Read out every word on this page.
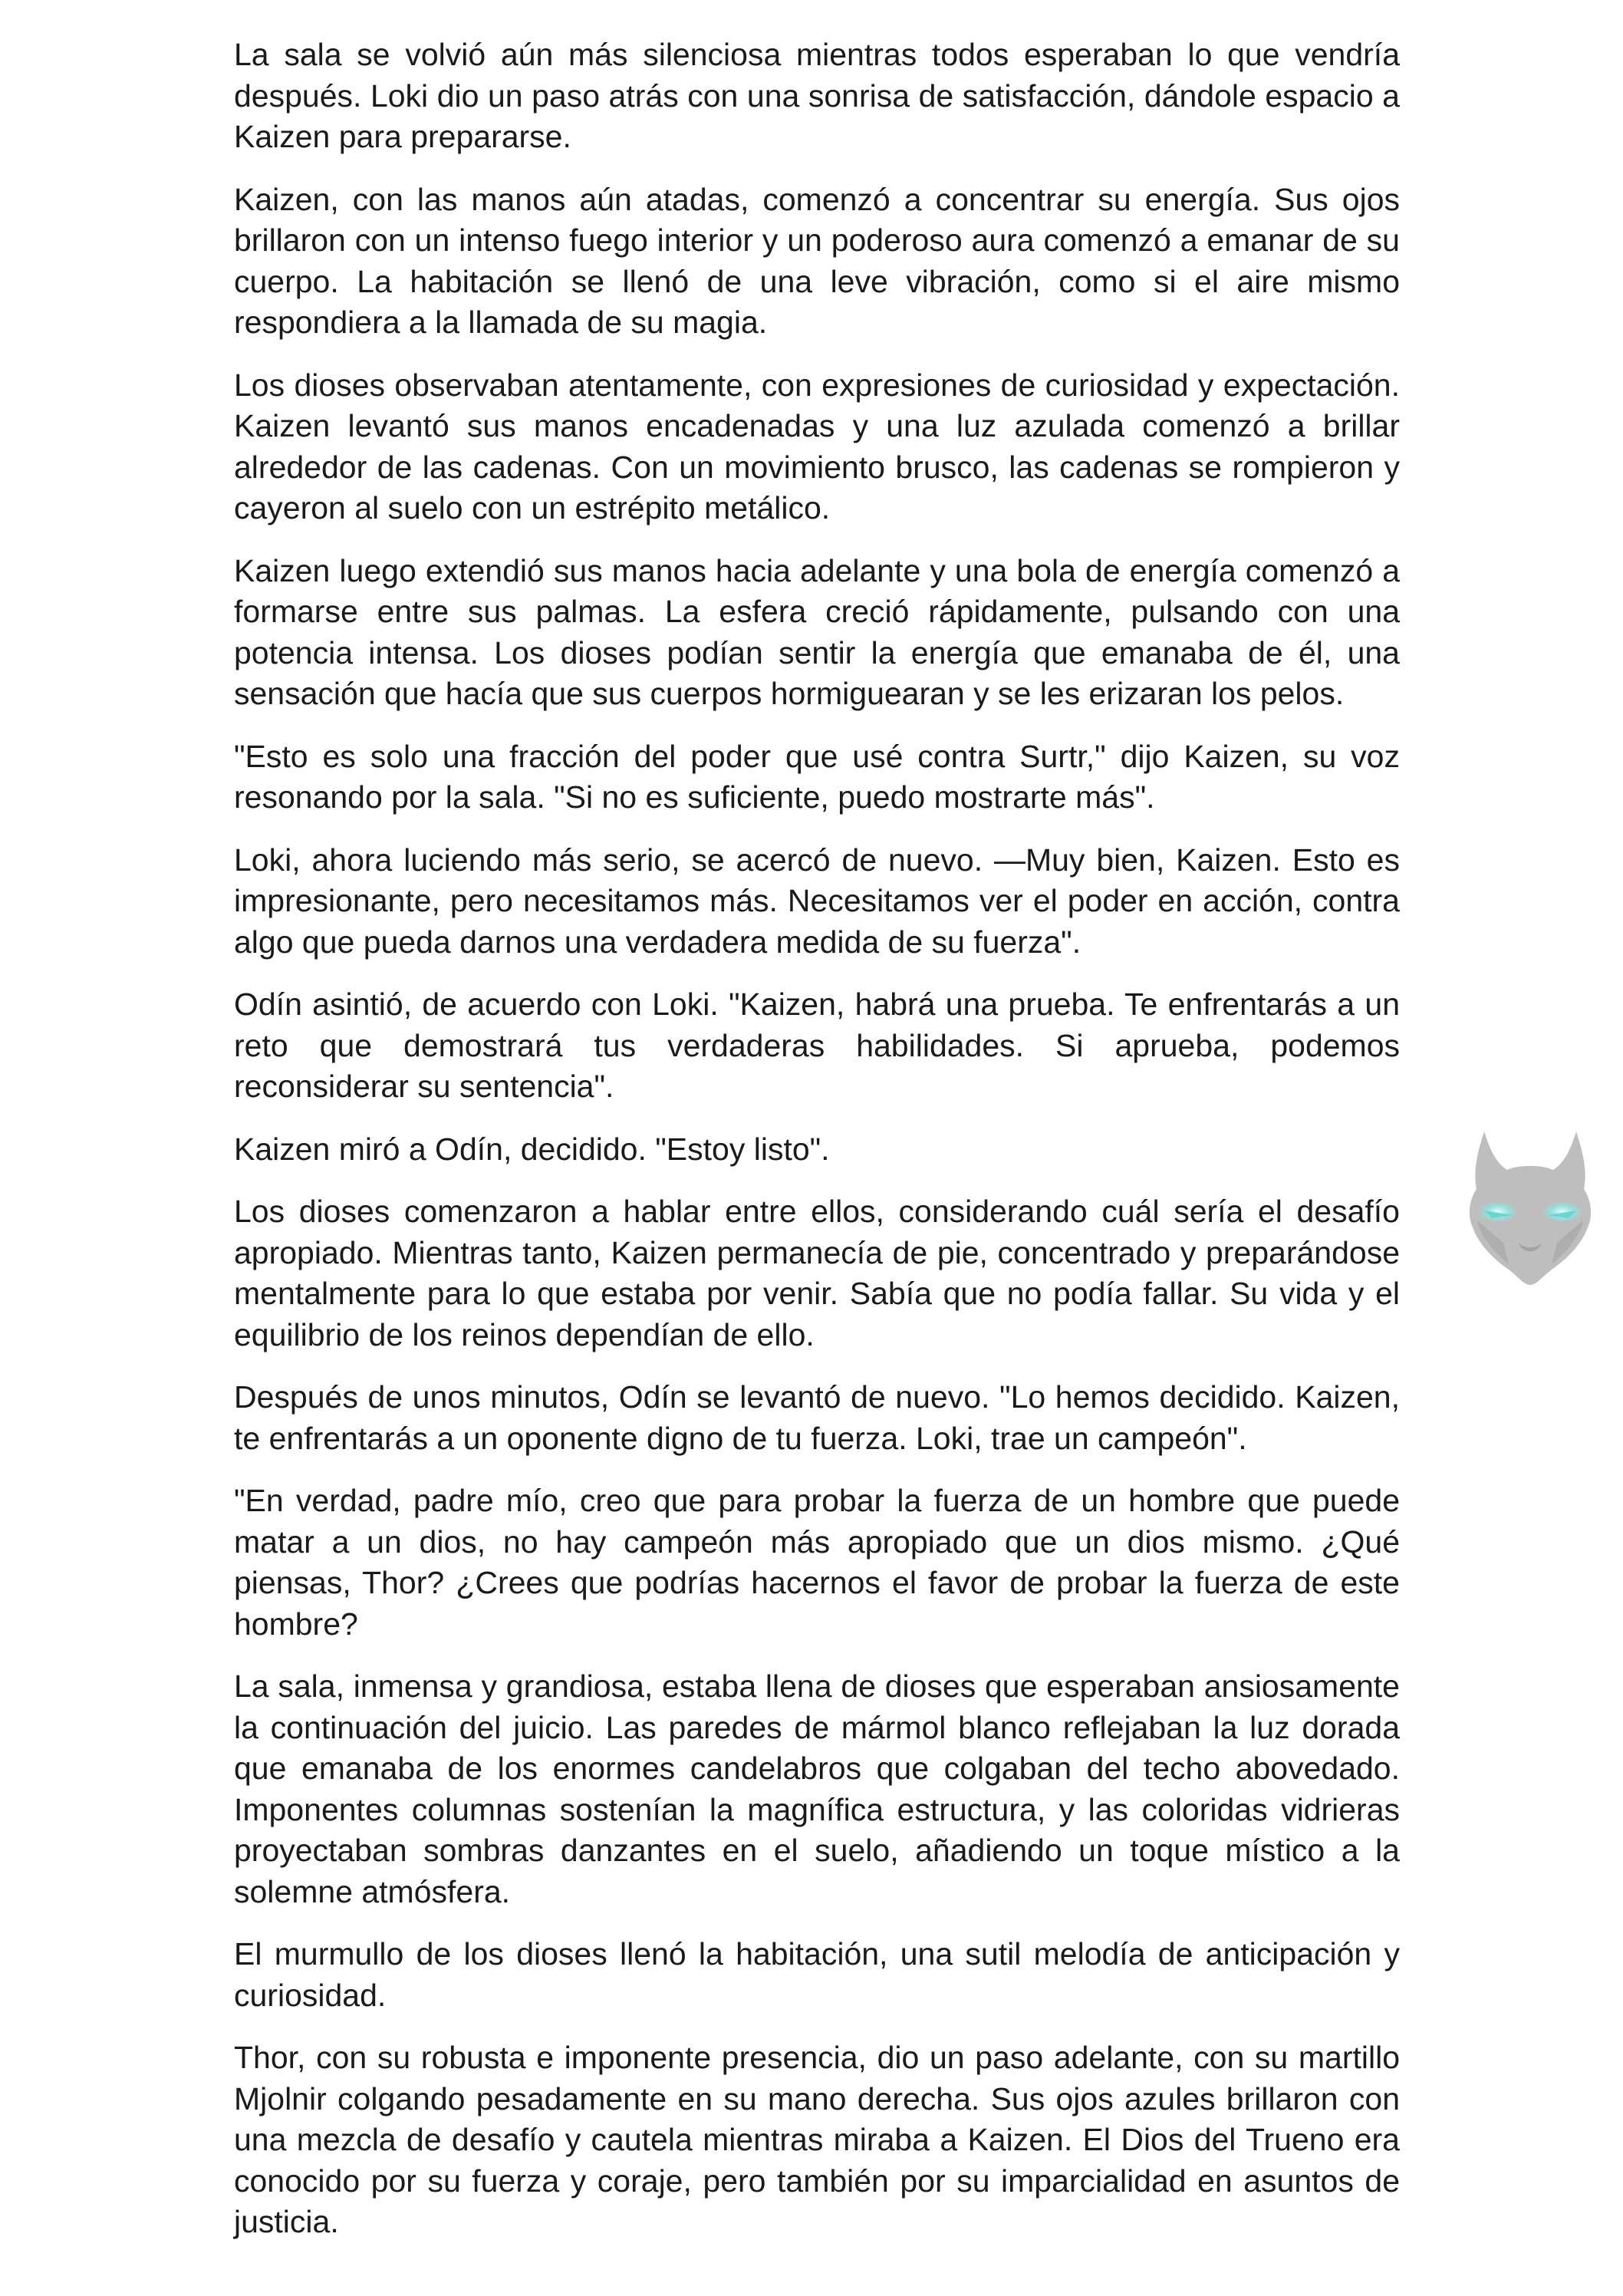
La sala se volvió aún más silenciosa mientras todos esperaban lo que vendría después. Loki dio un paso atrás con una sonrisa de satisfacción, dándole espacio a Kaizen para prepararse.

Kaizen, con las manos aún atadas, comenzó a concentrar su energía. Sus ojos brillaron con un intenso fuego interior y un poderoso aura comenzó a emanar de su cuerpo. La habitación se llenó de una leve vibración, como si el aire mismo respondiera a la llamada de su magia.

Los dioses observaban atentamente, con expresiones de curiosidad y expectación. Kaizen levantó sus manos encadenadas y una luz azulada comenzó a brillar alrededor de las cadenas. Con un movimiento brusco, las cadenas se rompieron y cayeron al suelo con un estrépito metálico.

Kaizen luego extendió sus manos hacia adelante y una bola de energía comenzó a formarse entre sus palmas. La esfera creció rápidamente, pulsando con una potencia intensa. Los dioses podían sentir la energía que emanaba de él, una sensación que hacía que sus cuerpos hormiguearan y se les erizaran los pelos.

"Esto es solo una fracción del poder que usé contra Surtr," dijo Kaizen, su voz resonando por la sala. "Si no es suficiente, puedo mostrarte más".

Loki, ahora luciendo más serio, se acercó de nuevo. —Muy bien, Kaizen. Esto es impresionante, pero necesitamos más. Necesitamos ver el poder en acción, contra algo que pueda darnos una verdadera medida de su fuerza".

Odín asintió, de acuerdo con Loki. "Kaizen, habrá una prueba. Te enfrentarás a un reto que demostrará tus verdaderas habilidades. Si aprueba, podemos reconsiderar su sentencia".

Kaizen miró a Odín, decidido. "Estoy listo".

Los dioses comenzaron a hablar entre ellos, considerando cuál sería el desafío apropiado. Mientras tanto, Kaizen permanecía de pie, concentrado y preparándose mentalmente para lo que estaba por venir. Sabía que no podía fallar. Su vida y el equilibrio de los reinos dependían de ello.

Después de unos minutos, Odín se levantó de nuevo. "Lo hemos decidido. Kaizen, te enfrentarás a un oponente digno de tu fuerza. Loki, trae un campeón".

"En verdad, padre mío, creo que para probar la fuerza de un hombre que puede matar a un dios, no hay campeón más apropiado que un dios mismo. ¿Qué piensas, Thor? ¿Crees que podrías hacernos el favor de probar la fuerza de este hombre?

La sala, inmensa y grandiosa, estaba llena de dioses que esperaban ansiosamente la continuación del juicio. Las paredes de mármol blanco reflejaban la luz dorada que emanaba de los enormes candelabros que colgaban del techo abovedado. Imponentes columnas sostenían la magnífica estructura, y las coloridas vidrieras proyectaban sombras danzantes en el suelo, añadiendo un toque místico a la solemne atmósfera.

El murmullo de los dioses llenó la habitación, una sutil melodía de anticipación y curiosidad.

Thor, con su robusta e imponente presencia, dio un paso adelante, con su martillo Mjolnir colgando pesadamente en su mano derecha. Sus ojos azules brillaron con una mezcla de desafío y cautela mientras miraba a Kaizen. El Dios del Trueno era conocido por su fuerza y coraje, pero también por su imparcialidad en asuntos de justicia.
